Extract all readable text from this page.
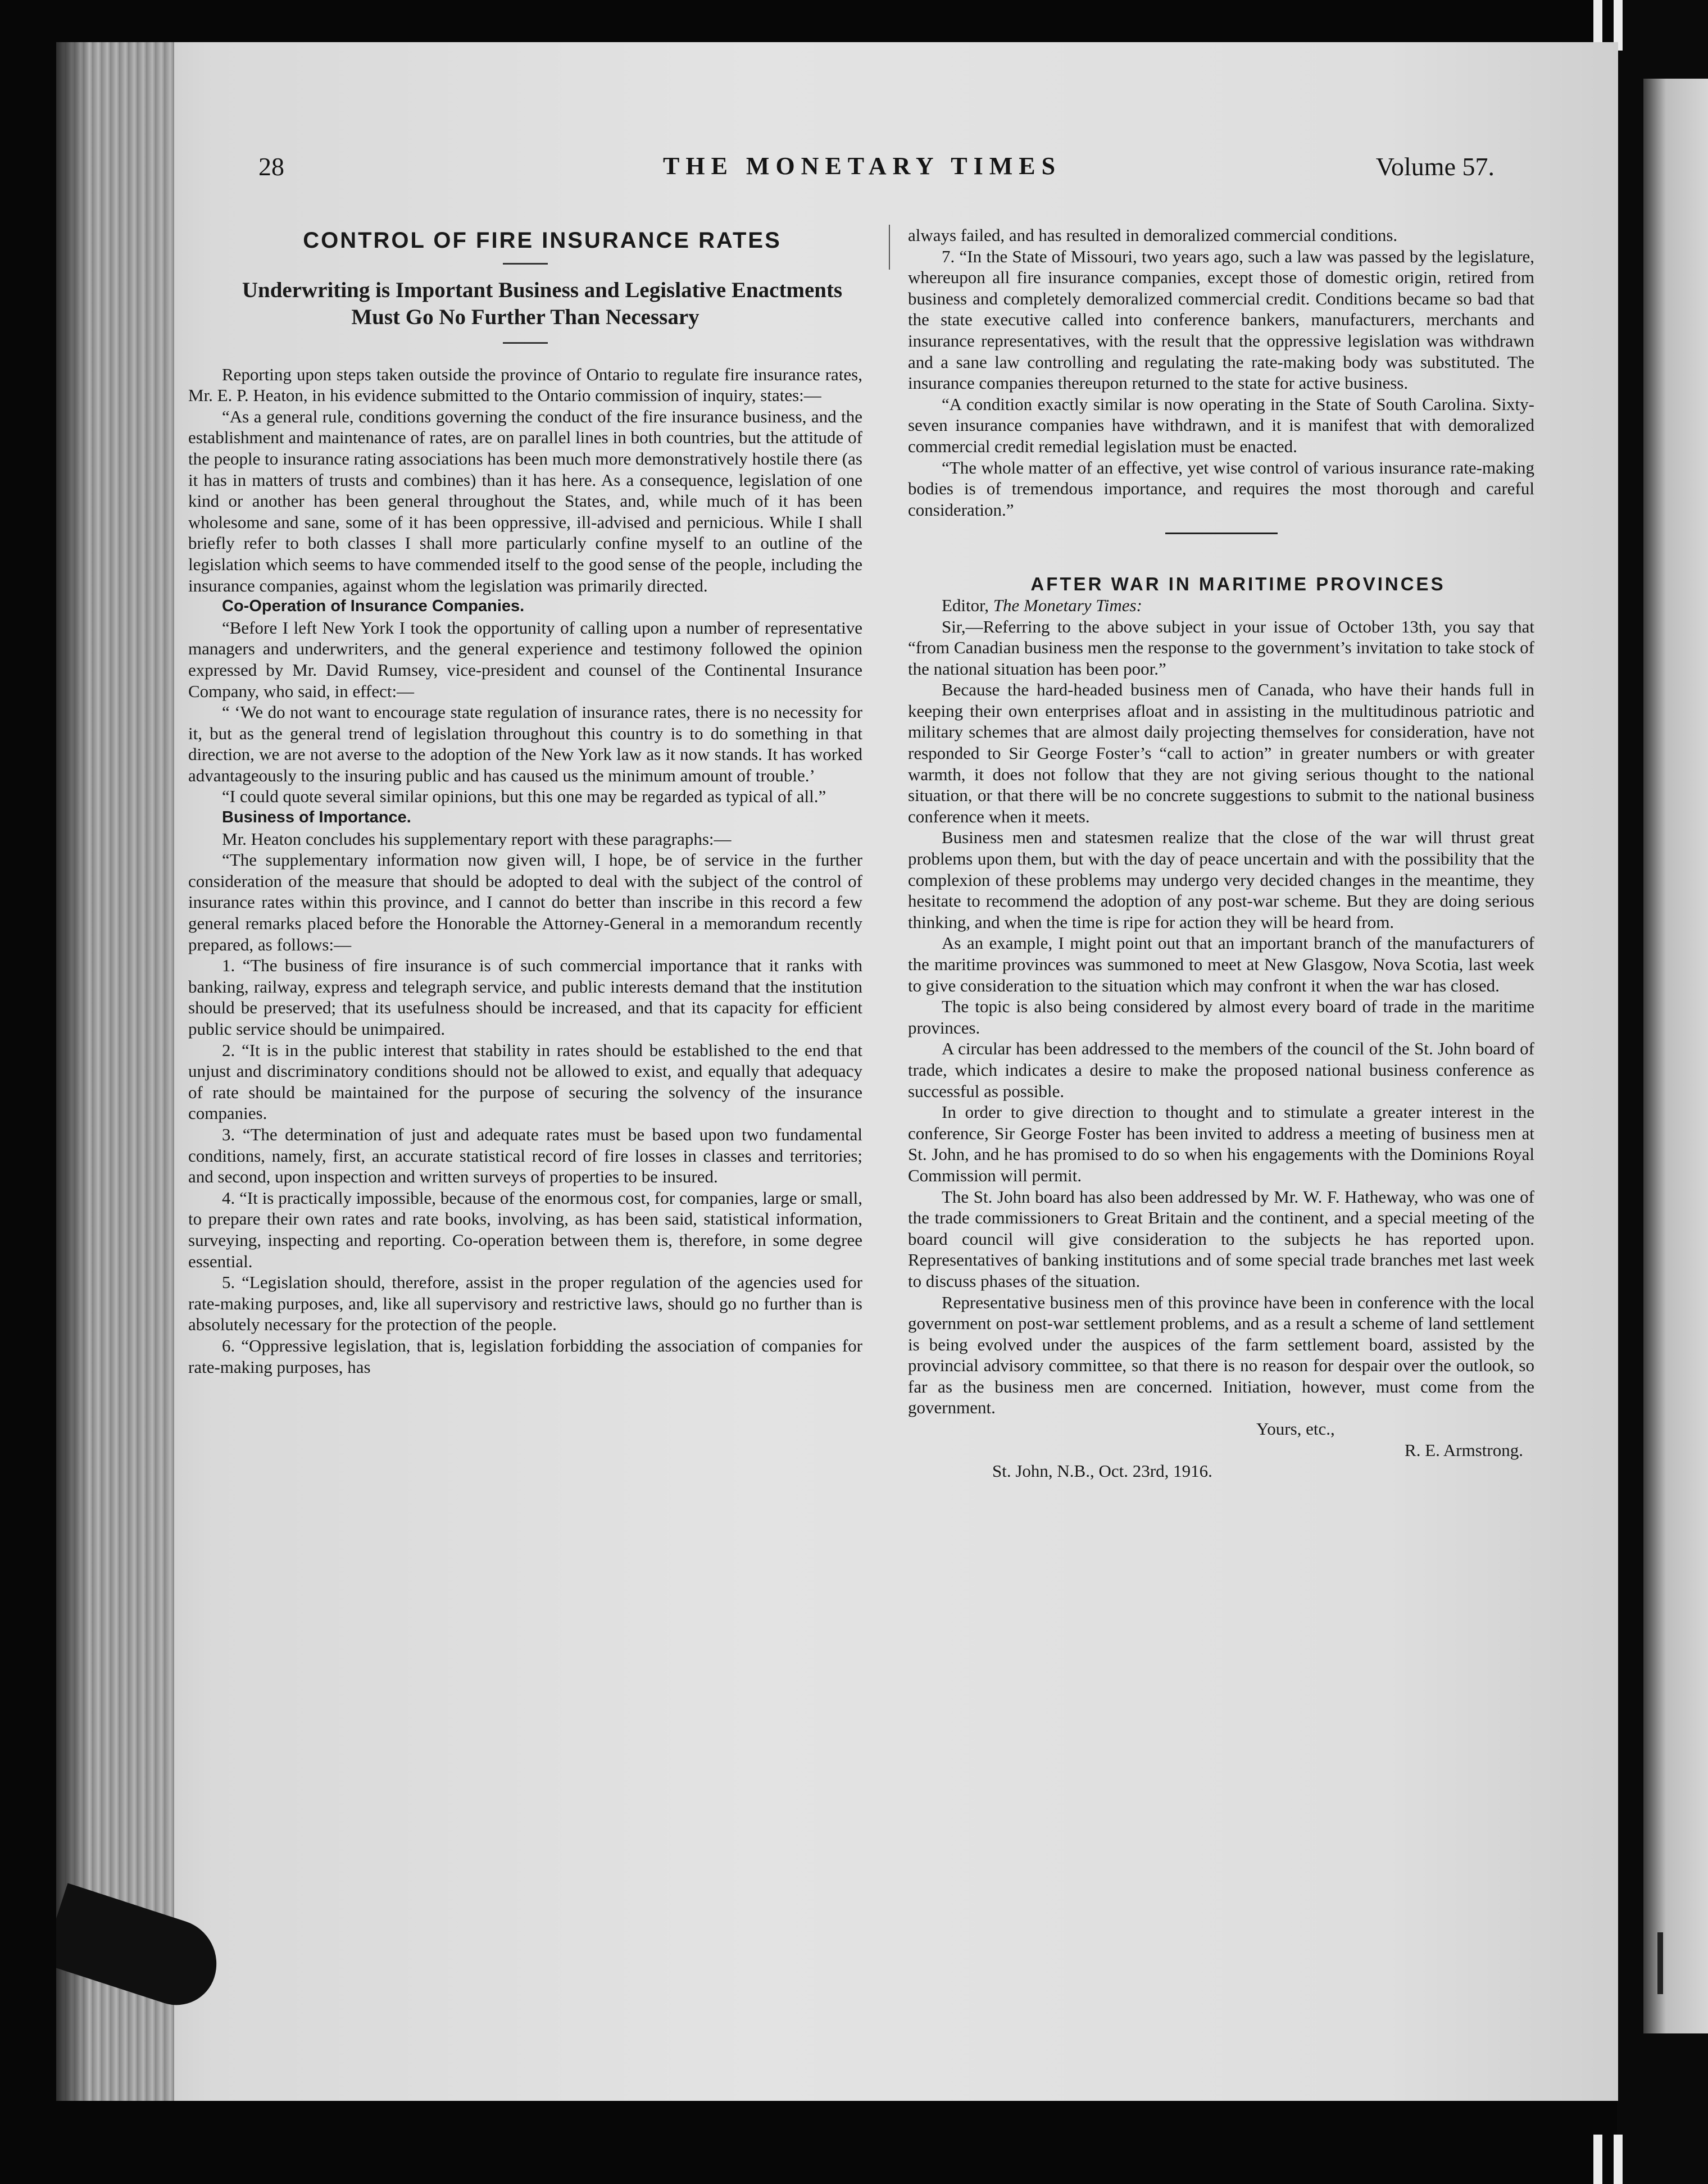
28	THE MONETARY TIMES	Volume 57.

CONTROL OF FIRE INSURANCE RATES

Underwriting is Important Business and Legislative Enactments Must Go No Further Than Necessary

Reporting upon steps taken outside the province of Ontario to regulate fire insurance rates, Mr. E. P. Heaton, in his evidence submitted to the Ontario commission of inquiry, states:—

“As a general rule, conditions governing the conduct of the fire insurance business, and the establishment and maintenance of rates, are on parallel lines in both countries, but the attitude of the people to insurance rating associations has been much more demonstratively hostile there (as it has in matters of trusts and combines) than it has here. As a consequence, legislation of one kind or another has been general throughout the States, and, while much of it has been wholesome and sane, some of it has been oppressive, ill-advised and pernicious. While I shall briefly refer to both classes I shall more particularly confine myself to an outline of the legislation which seems to have commended itself to the good sense of the people, including the insurance companies, against whom the legislation was primarily directed.

Co-Operation of Insurance Companies.

“Before I left New York I took the opportunity of calling upon a number of representative managers and underwriters, and the general experience and testimony followed the opinion expressed by Mr. David Rumsey, vice-president and counsel of the Continental Insurance Company, who said, in effect:—

“ ‘We do not want to encourage state regulation of insurance rates, there is no necessity for it, but as the general trend of legislation throughout this country is to do something in that direction, we are not averse to the adoption of the New York law as it now stands. It has worked advantageously to the insuring public and has caused us the minimum amount of trouble.’

“I could quote several similar opinions, but this one may be regarded as typical of all.”

Business of Importance.

Mr. Heaton concludes his supplementary report with these paragraphs:—

“The supplementary information now given will, I hope, be of service in the further consideration of the measure that should be adopted to deal with the subject of the control of insurance rates within this province, and I cannot do better than inscribe in this record a few general remarks placed before the Honorable the Attorney-General in a memorandum recently prepared, as follows:—

1. “The business of fire insurance is of such commercial importance that it ranks with banking, railway, express and telegraph service, and public interests demand that the institution should be preserved; that its usefulness should be increased, and that its capacity for efficient public service should be unimpaired.

2. “It is in the public interest that stability in rates should be established to the end that unjust and discriminatory conditions should not be allowed to exist, and equally that adequacy of rate should be maintained for the purpose of securing the solvency of the insurance companies.

3. “The determination of just and adequate rates must be based upon two fundamental conditions, namely, first, an accurate statistical record of fire losses in classes and territories; and second, upon inspection and written surveys of properties to be insured.

4. “It is practically impossible, because of the enormous cost, for companies, large or small, to prepare their own rates and rate books, involving, as has been said, statistical information, surveying, inspecting and reporting. Co-operation between them is, therefore, in some degree essential.

5. “Legislation should, therefore, assist in the proper regulation of the agencies used for rate-making purposes, and, like all supervisory and restrictive laws, should go no further than is absolutely necessary for the protection of the people.

6. “Oppressive legislation, that is, legislation forbidding the association of companies for rate-making purposes, has

always failed, and has resulted in demoralized commercial conditions.

7. “In the State of Missouri, two years ago, such a law was passed by the legislature, whereupon all fire insurance companies, except those of domestic origin, retired from business and completely demoralized commercial credit. Conditions became so bad that the state executive called into conference bankers, manufacturers, merchants and insurance representatives, with the result that the oppressive legislation was withdrawn and a sane law controlling and regulating the rate-making body was substituted. The insurance companies thereupon returned to the state for active business.

“A condition exactly similar is now operating in the State of South Carolina. Sixty-seven insurance companies have withdrawn, and it is manifest that with demoralized commercial credit remedial legislation must be enacted.

“The whole matter of an effective, yet wise control of various insurance rate-making bodies is of tremendous importance, and requires the most thorough and careful consideration.”

AFTER WAR IN MARITIME PROVINCES

Editor, The Monetary Times:

Sir,—Referring to the above subject in your issue of October 13th, you say that “from Canadian business men the response to the government’s invitation to take stock of the national situation has been poor.”

Because the hard-headed business men of Canada, who have their hands full in keeping their own enterprises afloat and in assisting in the multitudinous patriotic and military schemes that are almost daily projecting themselves for consideration, have not responded to Sir George Foster’s “call to action” in greater numbers or with greater warmth, it does not follow that they are not giving serious thought to the national situation, or that there will be no concrete suggestions to submit to the national business conference when it meets.

Business men and statesmen realize that the close of the war will thrust great problems upon them, but with the day of peace uncertain and with the possibility that the complexion of these problems may undergo very decided changes in the meantime, they hesitate to recommend the adoption of any post-war scheme. But they are doing serious thinking, and when the time is ripe for action they will be heard from.

As an example, I might point out that an important branch of the manufacturers of the maritime provinces was summoned to meet at New Glasgow, Nova Scotia, last week to give consideration to the situation which may confront it when the war has closed.

The topic is also being considered by almost every board of trade in the maritime provinces.

A circular has been addressed to the members of the council of the St. John board of trade, which indicates a desire to make the proposed national business conference as successful as possible.

In order to give direction to thought and to stimulate a greater interest in the conference, Sir George Foster has been invited to address a meeting of business men at St. John, and he has promised to do so when his engagements with the Dominions Royal Commission will permit.

The St. John board has also been addressed by Mr. W. F. Hatheway, who was one of the trade commissioners to Great Britain and the continent, and a special meeting of the board council will give consideration to the subjects he has reported upon. Representatives of banking institutions and of some special trade branches met last week to discuss phases of the situation.

Representative business men of this province have been in conference with the local government on post-war settlement problems, and as a result a scheme of land settlement is being evolved under the auspices of the farm settlement board, assisted by the provincial advisory committee, so that there is no reason for despair over the outlook, so far as the business men are concerned. Initiation, however, must come from the government.

Yours, etc.,

R. E. Armstrong.

St. John, N.B., Oct. 23rd, 1916.
